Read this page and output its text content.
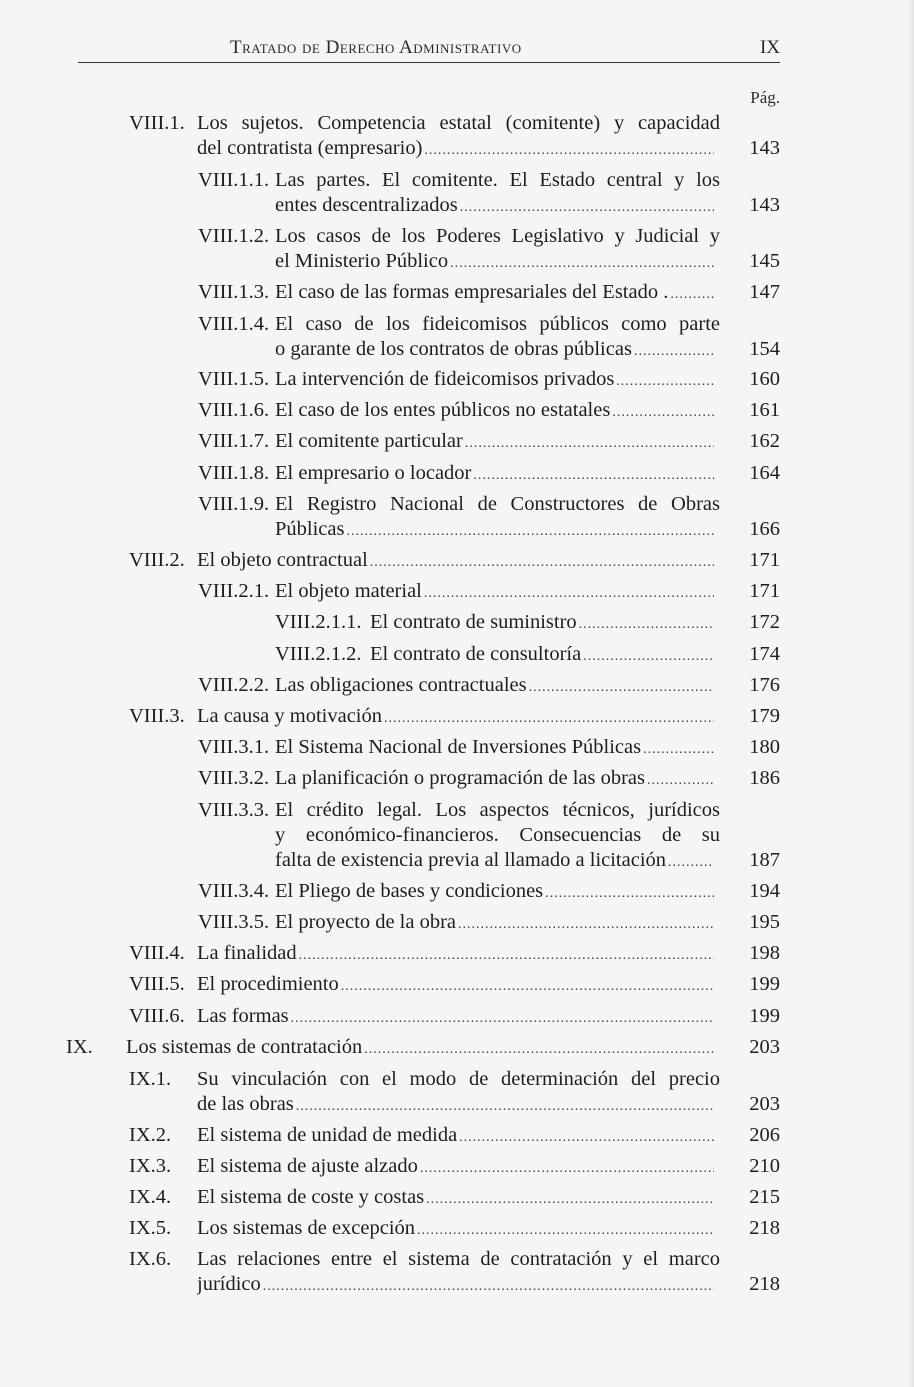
Tratado de Derecho Administrativo	IX
Pág.
VIII.1. Los sujetos. Competencia estatal (comitente) y capacidad
del contratista (empresario) .....	143
VIII.1.1. Las partes. El comitente. El Estado central y los
entes descentralizados .....	143
VIII.1.2. Los casos de los Poderes Legislativo y Judicial y
el Ministerio Público .....	145
VIII.1.3. El caso de las formas empresariales del Estado . .....	147
VIII.1.4. El caso de los fideicomisos públicos como parte
o garante de los contratos de obras públicas .....	154
VIII.1.5. La intervención de fideicomisos privados .....	160
VIII.1.6. El caso de los entes públicos no estatales .....	161
VIII.1.7. El comitente particular .....	162
VIII.1.8. El empresario o locador .....	164
VIII.1.9. El Registro Nacional de Constructores de Obras
Públicas .....	166
VIII.2. El objeto contractual .....	171
VIII.2.1. El objeto material .....	171
VIII.2.1.1. El contrato de suministro .....	172
VIII.2.1.2. El contrato de consultoría .....	174
VIII.2.2. Las obligaciones contractuales .....	176
VIII.3. La causa y motivación .....	179
VIII.3.1. El Sistema Nacional de Inversiones Públicas .....	180
VIII.3.2. La planificación o programación de las obras .....	186
VIII.3.3. El crédito legal. Los aspectos técnicos, jurídicos
y económico-financieros. Consecuencias de su
falta de existencia previa al llamado a licitación .....	187
VIII.3.4. El Pliego de bases y condiciones .....	194
VIII.3.5. El proyecto de la obra .....	195
VIII.4. La finalidad .....	198
VIII.5. El procedimiento .....	199
VIII.6. Las formas .....	199
IX. Los sistemas de contratación .....	203
IX.1. Su vinculación con el modo de determinación del precio
de las obras .....	203
IX.2. El sistema de unidad de medida .....	206
IX.3. El sistema de ajuste alzado .....	210
IX.4. El sistema de coste y costas .....	215
IX.5. Los sistemas de excepción .....	218
IX.6. Las relaciones entre el sistema de contratación y el marco
jurídico .....	218
